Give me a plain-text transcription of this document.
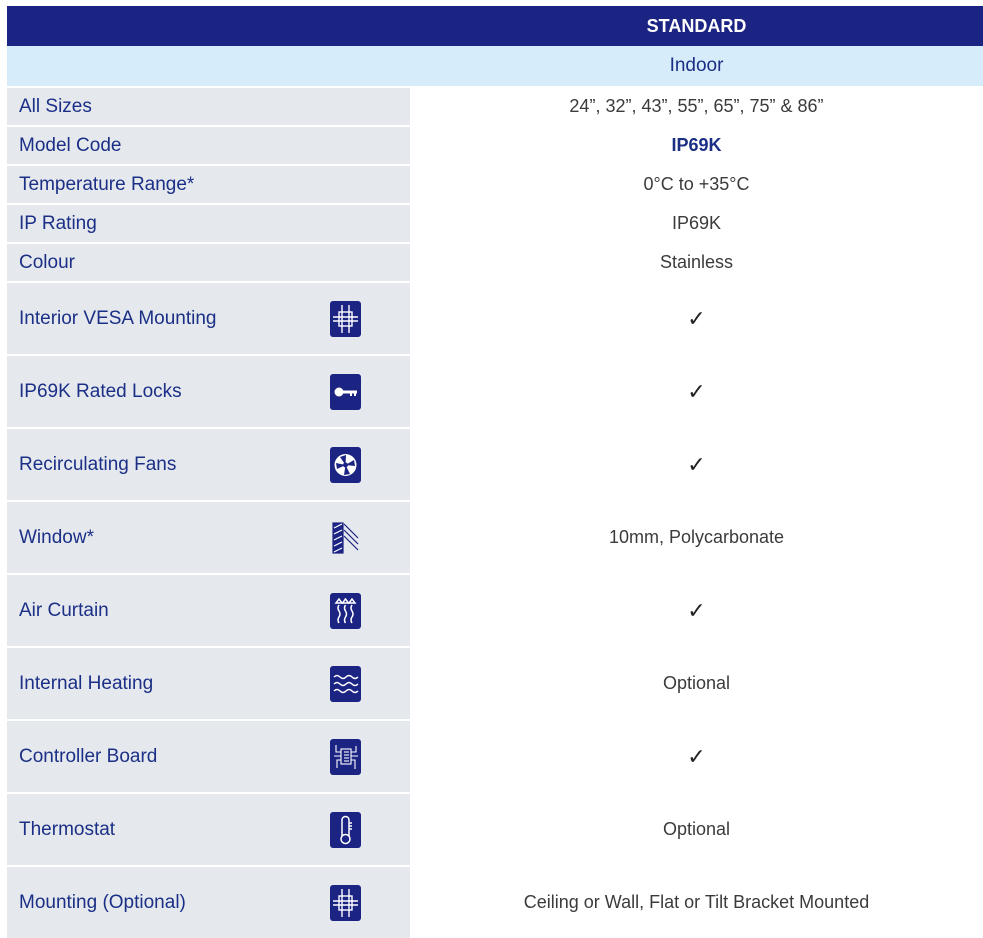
STANDARD
Indoor
All Sizes	24”, 32”, 43”, 55”, 65”, 75” & 86”
Model Code	IP69K
Temperature Range*	0°C to +35°C
IP Rating	IP69K
Colour	Stainless
Interior VESA Mounting	✓
IP69K Rated Locks	✓
Recirculating Fans	✓
Window*	10mm, Polycarbonate
Air Curtain	✓
Internal Heating	Optional
Controller Board	✓
Thermostat	Optional
Mounting (Optional)	Ceiling or Wall, Flat or Tilt Bracket Mounted
